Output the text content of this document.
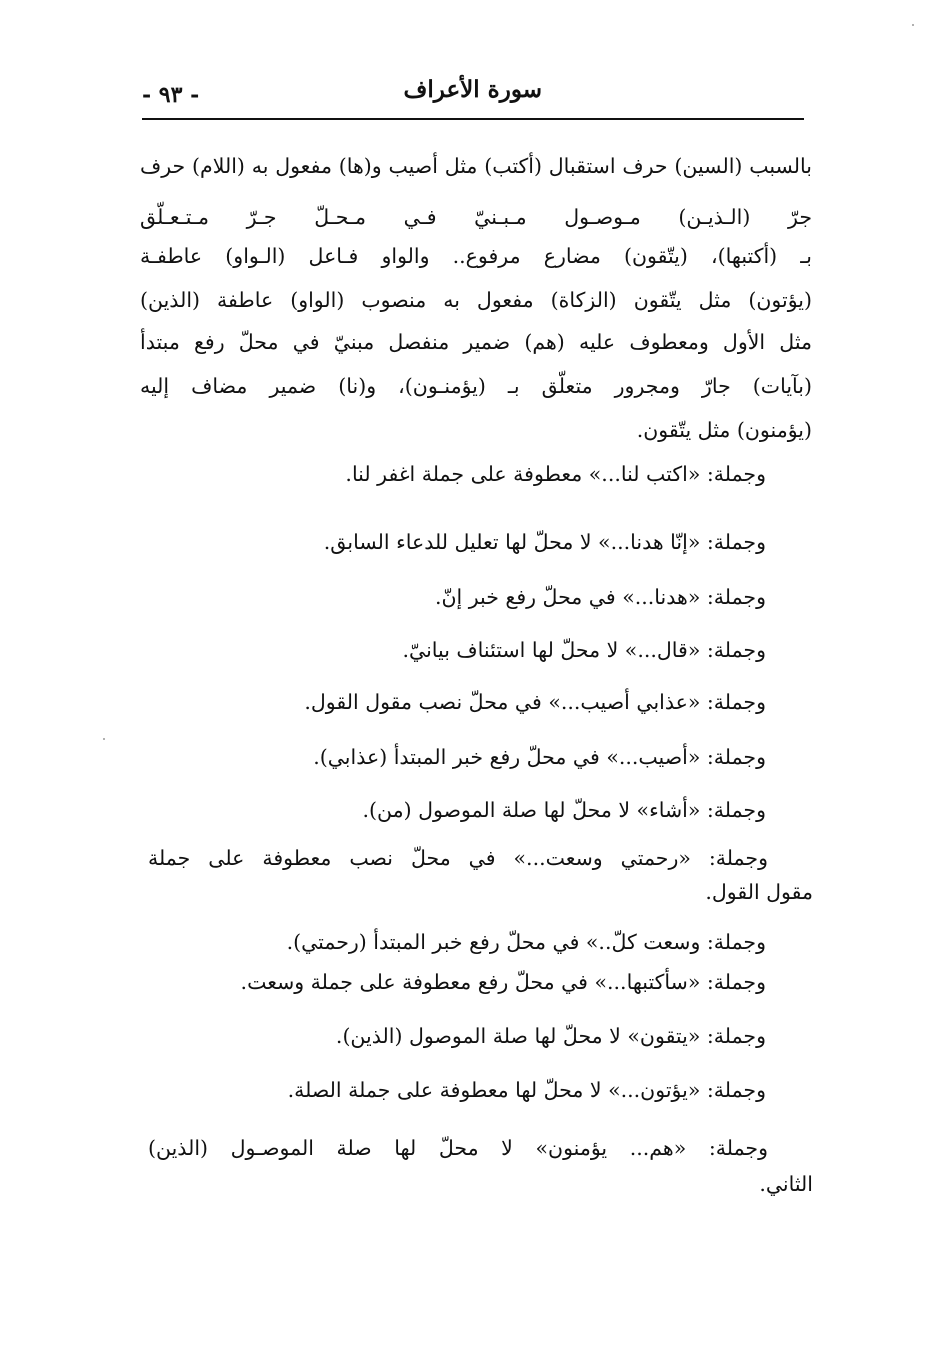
سورة الأعراف
- ٩٣ -
بالسبب (السين) حرف استقبال (أكتب) مثل أصيب و(ها) مفعول به (اللام) حرف
جرّ (الـذيـن) مـوصـول مـبـنيّ فـي مـحـلّ جـرّ مـتـعـلّق
بـ (أكتبها)، (يتّقون) مضارع مرفوع.. والواو فـاعل (الـواو) عاطفـة
(يؤتون) مثل يتّقون (الزكاة) مفعول به منصوب (الواو) عاطفة (الذين)
مثل الأول ومعطوف عليه (هم) ضمير منفصل مبنيّ في محلّ رفع مبتدأ
(بآيات) جارّ ومجرور متعلّق بـ (يؤمنـون)، و(نا) ضمير مضاف إليه
(يؤمنون) مثل يتّقون.
وجملة: «اكتب لنا...» معطوفة على جملة اغفر لنا.
وجملة: «إنّا هدنا...» لا محلّ لها تعليل للدعاء السابق.
وجملة: «هدنا...» في محلّ رفع خبر إنّ.
وجملة: «قال...» لا محلّ لها استئناف بيانيّ.
وجملة: «عذابي أصيب...» في محلّ نصب مقول القول.
وجملة: «أصيب...» في محلّ رفع خبر المبتدأ (عذابي).
وجملة: «أشاء» لا محلّ لها صلة الموصول (من).
وجملة: «رحمتي وسعت...» في محلّ نصب معطوفة على جملة
مقول القول.
وجملة: وسعت كلّ..» في محلّ رفع خبر المبتدأ (رحمتي).
وجملة: «سأكتبها...» في محلّ رفع معطوفة على جملة وسعت.
وجملة: «يتقون» لا محلّ لها صلة الموصول (الذين).
وجملة: «يؤتون...» لا محلّ لها معطوفة على جملة الصلة.
وجملة: «هم... يؤمنون» لا محلّ لها صلة الموصـول (الذين)
الثاني.
